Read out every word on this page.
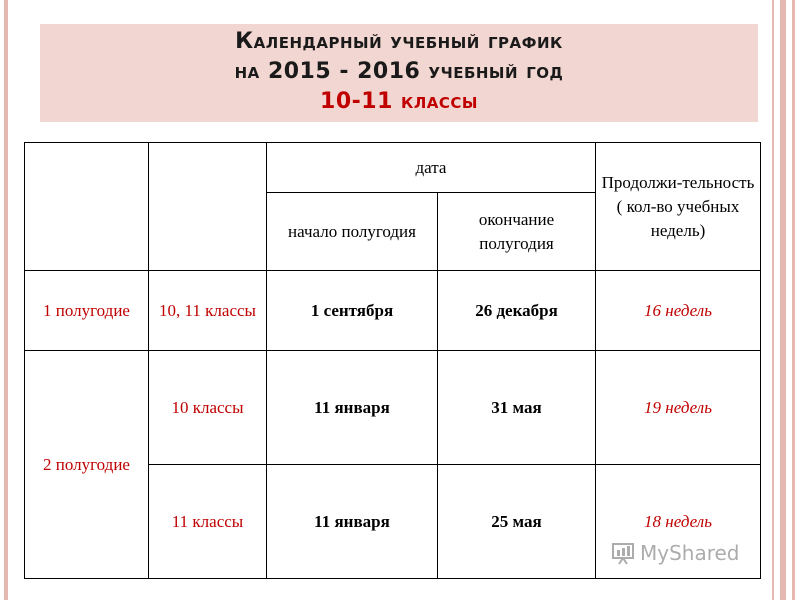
Календарный учебный график
на 2015 - 2016 учебный год
10-11 классы
		дата		Продолжи-тельность ( кол-во учебных недель)
		начало полугодия	окончание полугодия	
1 полугодие	10, 11 классы	1 сентября	26 декабря	16 недель
2 полугодие	10 классы	11 января	31 мая	19 недель
	11 классы	11 января	25 мая	18 недель
MyShared
